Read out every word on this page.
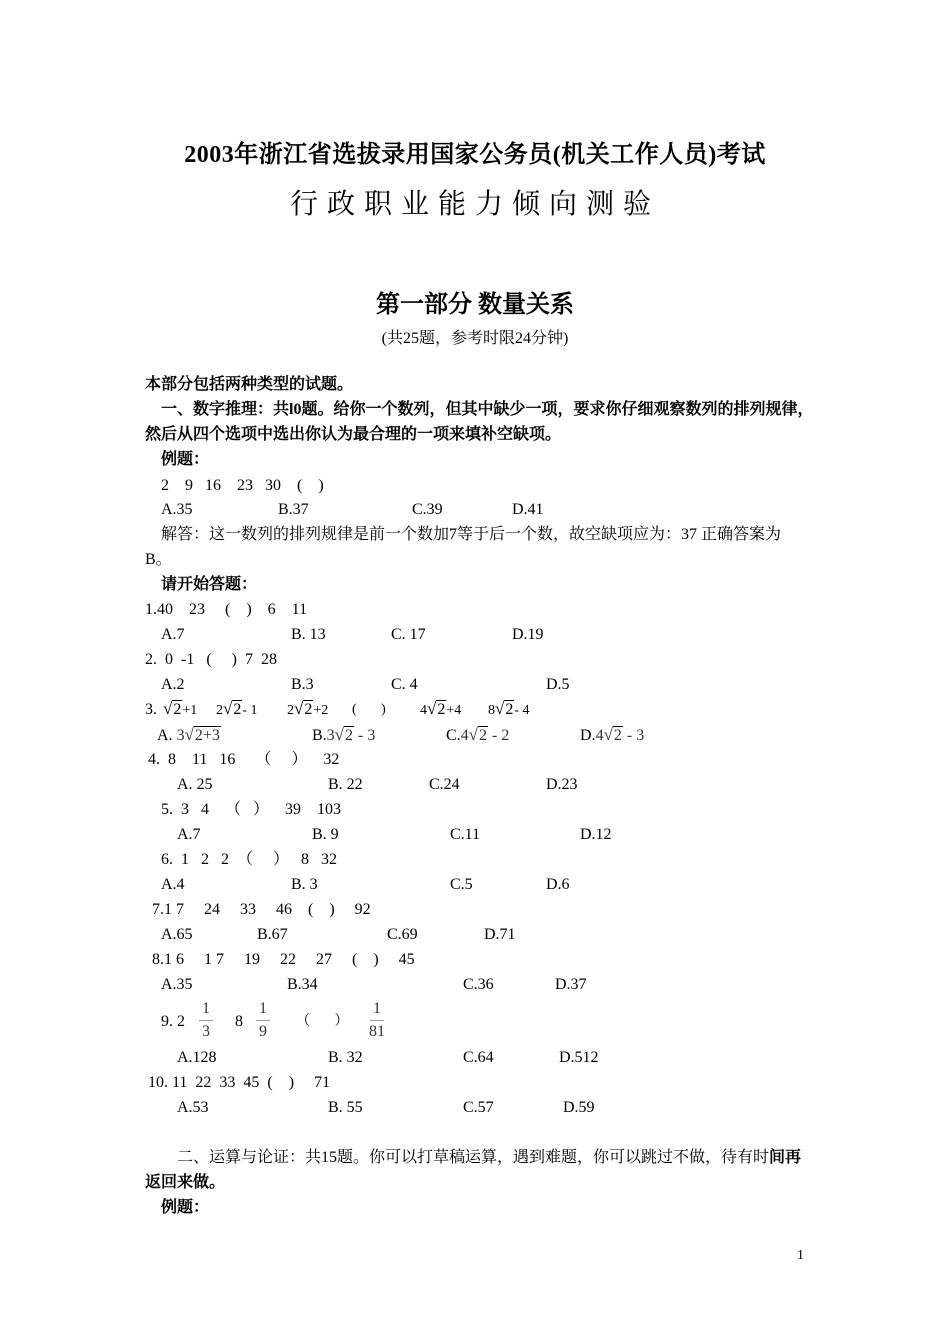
2003年浙江省选拔录用国家公务员(机关工作人员)考试
行政职业能力倾向测验
第一部分 数量关系
(共25题，参考时限24分钟)
本部分包括两种类型的试题。
一、数字推理：共l0题。给你一个数列，但其中缺少一项，要求你仔细观察数列的排列规律，
然后从四个选项中选出你认为最合理的一项来填补空缺项。
例题：
2    9   16    23   30    (    )
A.35	B.37	C.39	D.41
解答：这一数列的排列规律是前一个数加7等于后一个数，故空缺项应为：37 正确答案为
B。
请开始答题：
1.40    23     (    )    6    11
A.7	B. 13	C. 17	D.19
2.  0  -1   (     )  7  28
A.2	B.3	C. 4	D.5
3. √2+1 2√2- 1 2√2+2 (       ) 4√2+4 8√2- 4
A. 3√2+3	B.3√2 - 3	C.4√2 - 2	D.4√2 - 3
4.  8    11   16     （     ）    32
A. 25	B. 22	C.24	D.23
5.  3   4    （   ）    39    103
A.7	B. 9	C.11	D.12
6.  1   2   2  （     ）   8   32
A.4	B. 3	C.5	D.6
7.1 7     24     33     46    (    )     92
A.65	B.67	C.69	D.71
8.1 6     1 7     19     22     27     (    )     45
A.35	B.34	C.36	D.37
9. $2 \frac{1}{3} 8 \frac{1}{9}$ （       ） $\frac{1}{81}$
A.128	B. 32	C.64	D.512
10. 11  22  33  45  (    )     71
A.53	B. 55	C.57	D.59
二、运算与论证：共15题。你可以打草稿运算，遇到难题，你可以跳过不做，待有时间再
返回来做。
例题：
1
